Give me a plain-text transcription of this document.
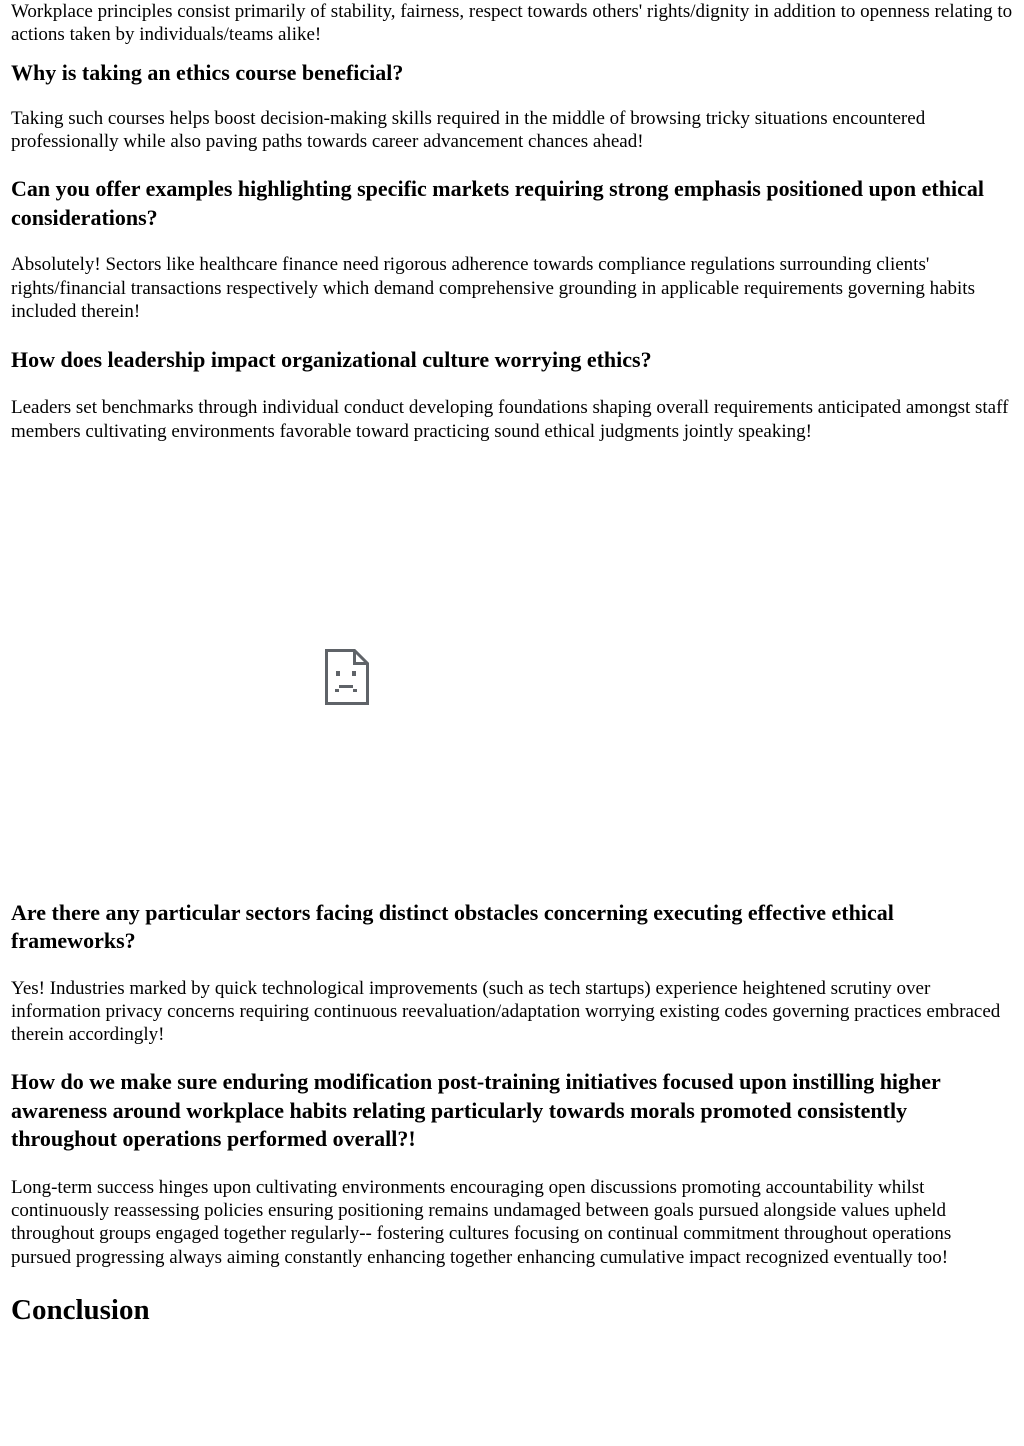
Workplace principles consist primarily of stability, fairness, respect towards others' rights/dignity in addition to openness relating to actions taken by individuals/teams alike!

Why is taking an ethics course beneficial?

Taking such courses helps boost decision-making skills required in the middle of browsing tricky situations encountered professionally while also paving paths towards career advancement chances ahead!

Can you offer examples highlighting specific markets requiring strong emphasis positioned upon ethical considerations?

Absolutely! Sectors like healthcare finance need rigorous adherence towards compliance regulations surrounding clients' rights/financial transactions respectively which demand comprehensive grounding in applicable requirements governing habits included therein!

How does leadership impact organizational culture worrying ethics?

Leaders set benchmarks through individual conduct developing foundations shaping overall requirements anticipated amongst staff members cultivating environments favorable toward practicing sound ethical judgments jointly speaking!

Are there any particular sectors facing distinct obstacles concerning executing effective ethical frameworks?

Yes! Industries marked by quick technological improvements (such as tech startups) experience heightened scrutiny over information privacy concerns requiring continuous reevaluation/adaptation worrying existing codes governing practices embraced therein accordingly!

How do we make sure enduring modification post-training initiatives focused upon instilling higher awareness around workplace habits relating particularly towards morals promoted consistently throughout operations performed overall?!

Long-term success hinges upon cultivating environments encouraging open discussions promoting accountability whilst continuously reassessing policies ensuring positioning remains undamaged between goals pursued alongside values upheld throughout groups engaged together regularly-- fostering cultures focusing on continual commitment throughout operations pursued progressing always aiming constantly enhancing together enhancing cumulative impact recognized eventually too!

Conclusion
